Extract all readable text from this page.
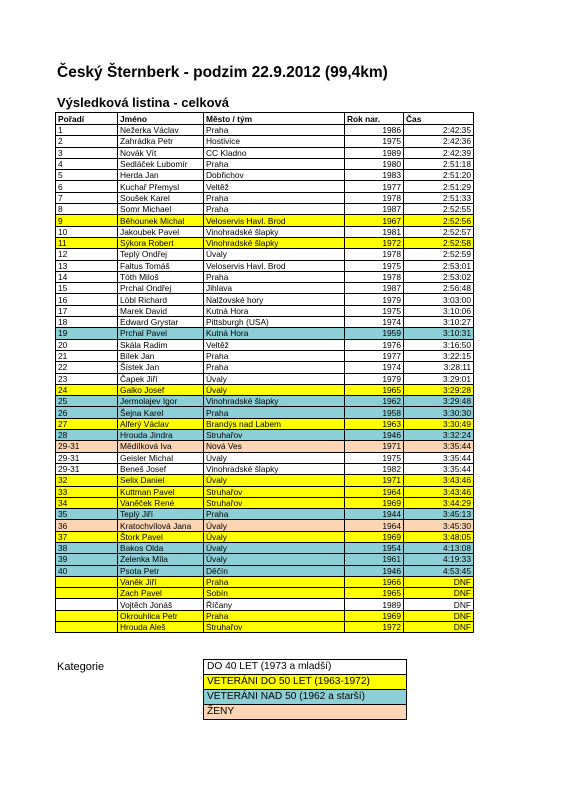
Český Šternberk - podzim 22.9.2012 (99,4km)
Výsledková listina - celková
Pořadí	Jméno	Město / tým	Rok nar.	Čas
1	Nežerka Václav	Praha	1986	2:42:35
2	Zahrádka Petr	Hostivice	1975	2:42:36
3	Novák Vít	CC Kladno	1989	2:42:39
4	Sedláček Lubomír	Praha	1980	2:51:18
5	Herda Jan	Dobřichov	1983	2:51:20
6	Kuchař Přemysl	Veltěž	1977	2:51:29
7	Soušek Karel	Praha	1978	2:51:33
8	Somr Michael	Praha	1987	2:52:55
9	Běhounek Michal	Veloservis Havl. Brod	1967	2:52:56
10	Jakoubek Pavel	Vinohradské šlapky	1981	2:52:57
11	Sýkora Robert	Vinohradské šlapky	1972	2:52:58
12	Teplý Ondřej	Úvaly	1978	2:52:59
13	Faltus Tomáš	Veloservis Havl. Brod	1975	2:53:01
14	Tóth Miloš	Praha	1978	2:53:02
15	Prchal Ondřej	Jihlava	1987	2:56:48
16	Löbl Richard	Nalžovské hory	1979	3:03:00
17	Marek David	Kutná Hora	1975	3:10:06
18	Edward Grystar	Pittsburgh (USA)	1974	3:10:27
19	Prchal Pavel	Kutná Hora	1959	3:10:31
20	Skála Radim	Veltěž	1976	3:16:50
21	Bílek Jan	Praha	1977	3:22:15
22	Šístek Jan	Praha	1974	3:28:11
23	Čapek Jiří	Úvaly	1979	3:29:01
24	Galko Josef	Úvaly	1965	3:29:28
25	Jermolajev Igor	Vinohradské šlapky	1962	3:29:48
26	Šejna Karel	Praha	1958	3:30:30
27	Alferý Václav	Brandýs nad Labem	1963	3:30:49
28	Hrouda Jindra	Struhařov	1946	3:32:24
29-31	Mědílková Iva	Nová Ves	1971	3:35:44
29-31	Geisler Michal	Úvaly	1975	3:35:44
29-31	Beneš Josef	Vinohradské šlapky	1982	3:35:44
32	Selix Daniel	Úvaly	1971	3:43:46
33	Kuttman Pavel	Struhařov	1964	3:43:46
34	Vaněček René	Struhařov	1969	3:44:29
35	Teplý Jiří	Praha	1944	3:45:13
36	Kratochvílová Jana	Úvaly	1964	3:45:30
37	Štork Pavel	Úvaly	1969	3:48:05
38	Bakos Olda	Úvaly	1954	4:13:08
39	Zelenka Míla	Úvaly	1961	4:19:33
40	Psota Petr	Děčín	1946	4:53:45
	Vaněk Jiří	Praha	1966	DNF
	Zach Pavel	Sobín	1965	DNF
	Vojtěch Jonáš	Říčany	1989	DNF
	Okrouhlica Petr	Praha	1969	DNF
	Hrouda Aleš	Struhařov	1972	DNF
Kategorie	DO 40 LET (1973 a mladší)
VETERÁNI DO 50 LET (1963-1972)
VETERÁNI NAD 50 (1962 a starší)
ŽENY
